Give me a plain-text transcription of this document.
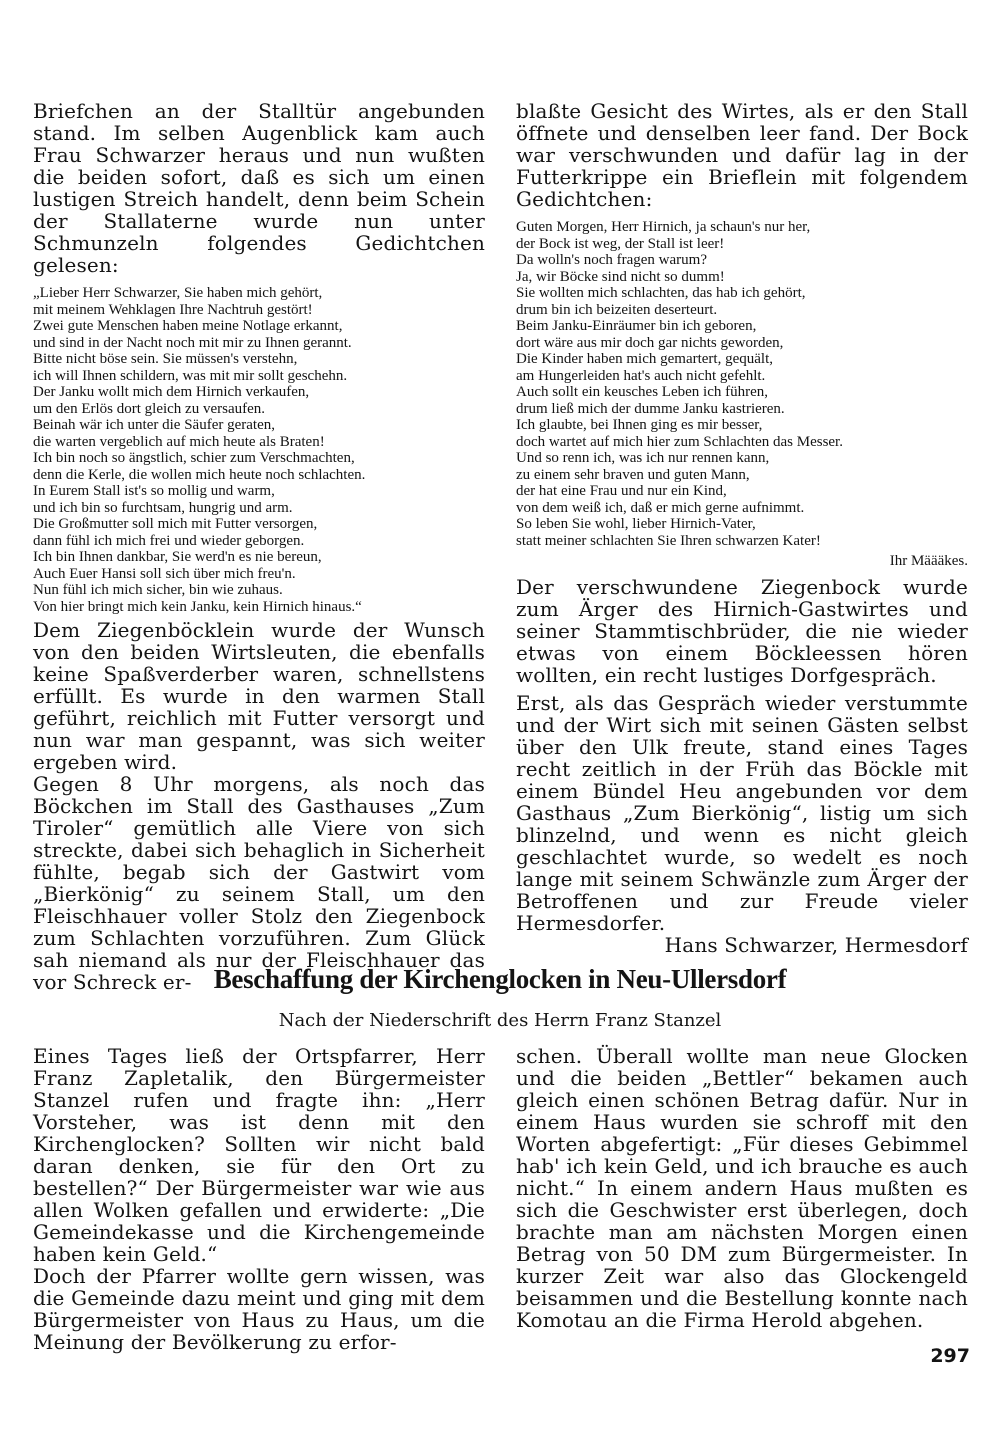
Briefchen an der Stalltür angebunden stand. Im selben Augenblick kam auch Frau Schwarzer heraus und nun wußten die beiden sofort, daß es sich um einen lustigen Streich handelt, denn beim Schein der Stallaterne wurde nun unter Schmunzeln folgendes Gedichtchen gelesen:

„Lieber Herr Schwarzer, Sie haben mich gehört,
mit meinem Wehklagen Ihre Nachtruh gestört!
Zwei gute Menschen haben meine Notlage erkannt,
und sind in der Nacht noch mit mir zu Ihnen gerannt.
Bitte nicht böse sein. Sie müssen's verstehn,
ich will Ihnen schildern, was mit mir sollt geschehn.
Der Janku wollt mich dem Hirnich verkaufen,
um den Erlös dort gleich zu versaufen.
Beinah wär ich unter die Säufer geraten,
die warten vergeblich auf mich heute als Braten!
Ich bin noch so ängstlich, schier zum Verschmachten,
denn die Kerle, die wollen mich heute noch schlachten.
In Eurem Stall ist's so mollig und warm,
und ich bin so furchtsam, hungrig und arm.
Die Großmutter soll mich mit Futter versorgen,
dann fühl ich mich frei und wieder geborgen.
Ich bin Ihnen dankbar, Sie werd'n es nie bereun,
Auch Euer Hansi soll sich über mich freu'n.
Nun fühl ich mich sicher, bin wie zuhaus.
Von hier bringt mich kein Janku, kein Hirnich hinaus.“

Dem Ziegenböcklein wurde der Wunsch von den beiden Wirtsleuten, die ebenfalls keine Spaßverderber waren, schnellstens erfüllt. Es wurde in den warmen Stall geführt, reichlich mit Futter versorgt und nun war man gespannt, was sich weiter ergeben wird.

Gegen 8 Uhr morgens, als noch das Böckchen im Stall des Gasthauses „Zum Tiroler“ gemütlich alle Viere von sich streckte, dabei sich behaglich in Sicherheit fühlte, begab sich der Gastwirt vom „Bierkönig“ zu seinem Stall, um den Fleischhauer voller Stolz den Ziegenbock zum Schlachten vorzuführen. Zum Glück sah niemand als nur der Fleischhauer das vor Schreck er-

blaßte Gesicht des Wirtes, als er den Stall öffnete und denselben leer fand. Der Bock war verschwunden und dafür lag in der Futterkrippe ein Brieflein mit folgendem Gedichtchen:

Guten Morgen, Herr Hirnich, ja schaun's nur her,
der Bock ist weg, der Stall ist leer!
Da wolln's noch fragen warum?
Ja, wir Böcke sind nicht so dumm!
Sie wollten mich schlachten, das hab ich gehört,
drum bin ich beizeiten deserteurt.
Beim Janku-Einräumer bin ich geboren,
dort wäre aus mir doch gar nichts geworden,
Die Kinder haben mich gemartert, gequält,
am Hungerleiden hat's auch nicht gefehlt.
Auch sollt ein keusches Leben ich führen,
drum ließ mich der dumme Janku kastrieren.
Ich glaubte, bei Ihnen ging es mir besser,
doch wartet auf mich hier zum Schlachten das Messer.
Und so renn ich, was ich nur rennen kann,
zu einem sehr braven und guten Mann,
der hat eine Frau und nur ein Kind,
von dem weiß ich, daß er mich gerne aufnimmt.
So leben Sie wohl, lieber Hirnich-Vater,
statt meiner schlachten Sie Ihren schwarzen Kater!
Ihr Määäkes.

Der verschwundene Ziegenbock wurde zum Ärger des Hirnich-Gastwirtes und seiner Stammtischbrüder, die nie wieder etwas von einem Böckleessen hören wollten, ein recht lustiges Dorfgespräch.

Erst, als das Gespräch wieder verstummte und der Wirt sich mit seinen Gästen selbst über den Ulk freute, stand eines Tages recht zeitlich in der Früh das Böckle mit einem Bündel Heu angebunden vor dem Gasthaus „Zum Bierkönig“, listig um sich blinzelnd, und wenn es nicht gleich geschlachtet wurde, so wedelt es noch lange mit seinem Schwänzle zum Ärger der Betroffenen und zur Freude vieler Hermesdorfer.

Hans Schwarzer, Hermesdorf

Beschaffung der Kirchenglocken in Neu-Ullersdorf
Nach der Niederschrift des Herrn Franz Stanzel

Eines Tages ließ der Ortspfarrer, Herr Franz Zapletalik, den Bürgermeister Stanzel rufen und fragte ihn: „Herr Vorsteher, was ist denn mit den Kirchenglocken? Sollten wir nicht bald daran denken, sie für den Ort zu bestellen?“ Der Bürgermeister war wie aus allen Wolken gefallen und erwiderte: „Die Gemeindekasse und die Kirchengemeinde haben kein Geld.“

Doch der Pfarrer wollte gern wissen, was die Gemeinde dazu meint und ging mit dem Bürgermeister von Haus zu Haus, um die Meinung der Bevölkerung zu erfor-

schen. Überall wollte man neue Glocken und die beiden „Bettler“ bekamen auch gleich einen schönen Betrag dafür. Nur in einem Haus wurden sie schroff mit den Worten abgefertigt: „Für dieses Gebimmel hab' ich kein Geld, und ich brauche es auch nicht.“ In einem andern Haus mußten es sich die Geschwister erst überlegen, doch brachte man am nächsten Morgen einen Betrag von 50 DM zum Bürgermeister. In kurzer Zeit war also das Glockengeld beisammen und die Bestellung konnte nach Komotau an die Firma Herold abgehen.

297
